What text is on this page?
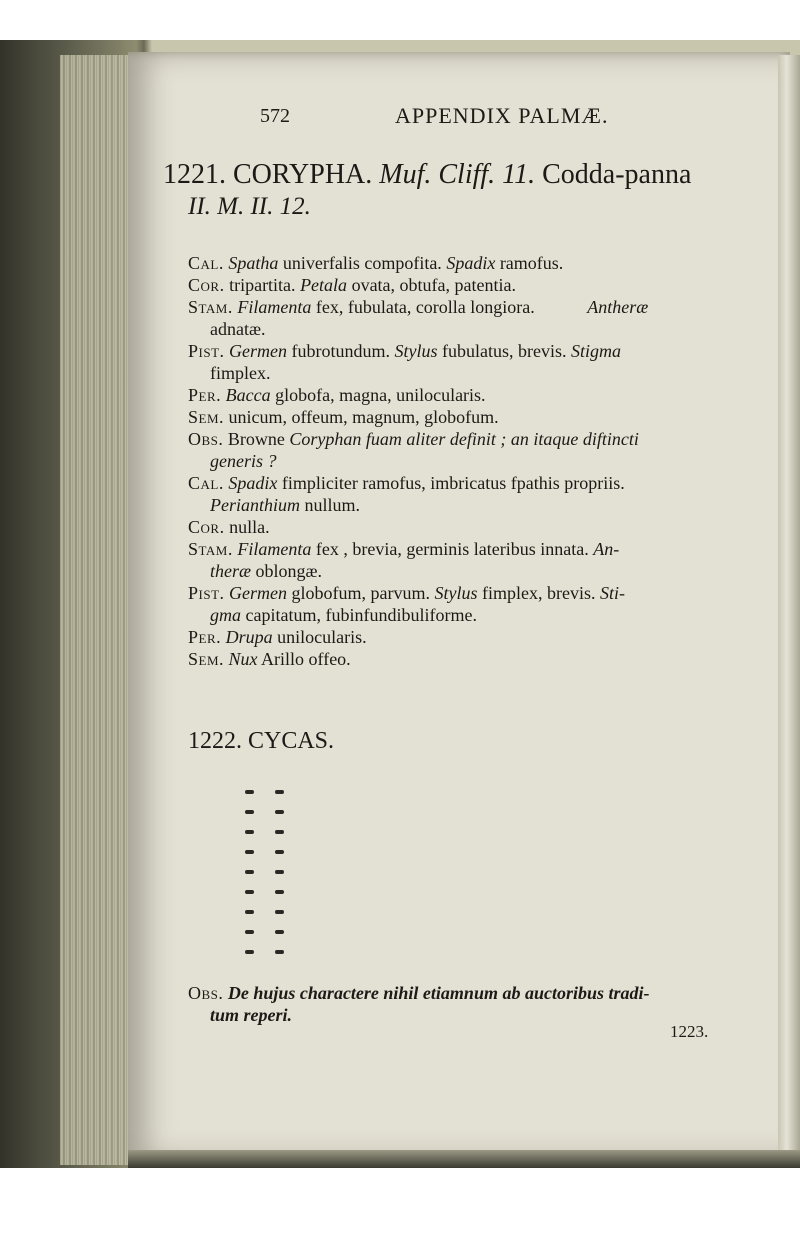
572	APPENDIX PALMÆ.
1221. CORYPHA. Muf. Cliff. 11. Codda-panna
II. M. II. 12.
Cal. Spatha univerfalis compofita. Spadix ramofus.
Cor. tripartita. Petala ovata, obtufa, patentia.
Stam. Filamenta fex, fubulata, corolla longiora.	Antheræ
adnatæ.
Pist. Germen fubrotundum. Stylus fubulatus, brevis. Stigma
fimplex.
Per. Bacca globofa, magna, unilocularis.
Sem. unicum, offeum, magnum, globofum.
Obs. Browne Coryphan fuam aliter definit ; an itaque diftincti
generis ?
Cal. Spadix fimpliciter ramofus, imbricatus fpathis propriis.
Perianthium nullum.
Cor. nulla.
Stam. Filamenta fex , brevia, germinis lateribus innata. An-
theræ oblongæ.
Pist. Germen globofum, parvum. Stylus fimplex, brevis. Sti-
gma capitatum, fubinfundibuliforme.
Per. Drupa unilocularis.
Sem. Nux Arillo offeo.
1222. CYCAS.
Obs. De hujus charactere nihil etiamnum ab auctoribus tradi-
tum reperi.
1223.
